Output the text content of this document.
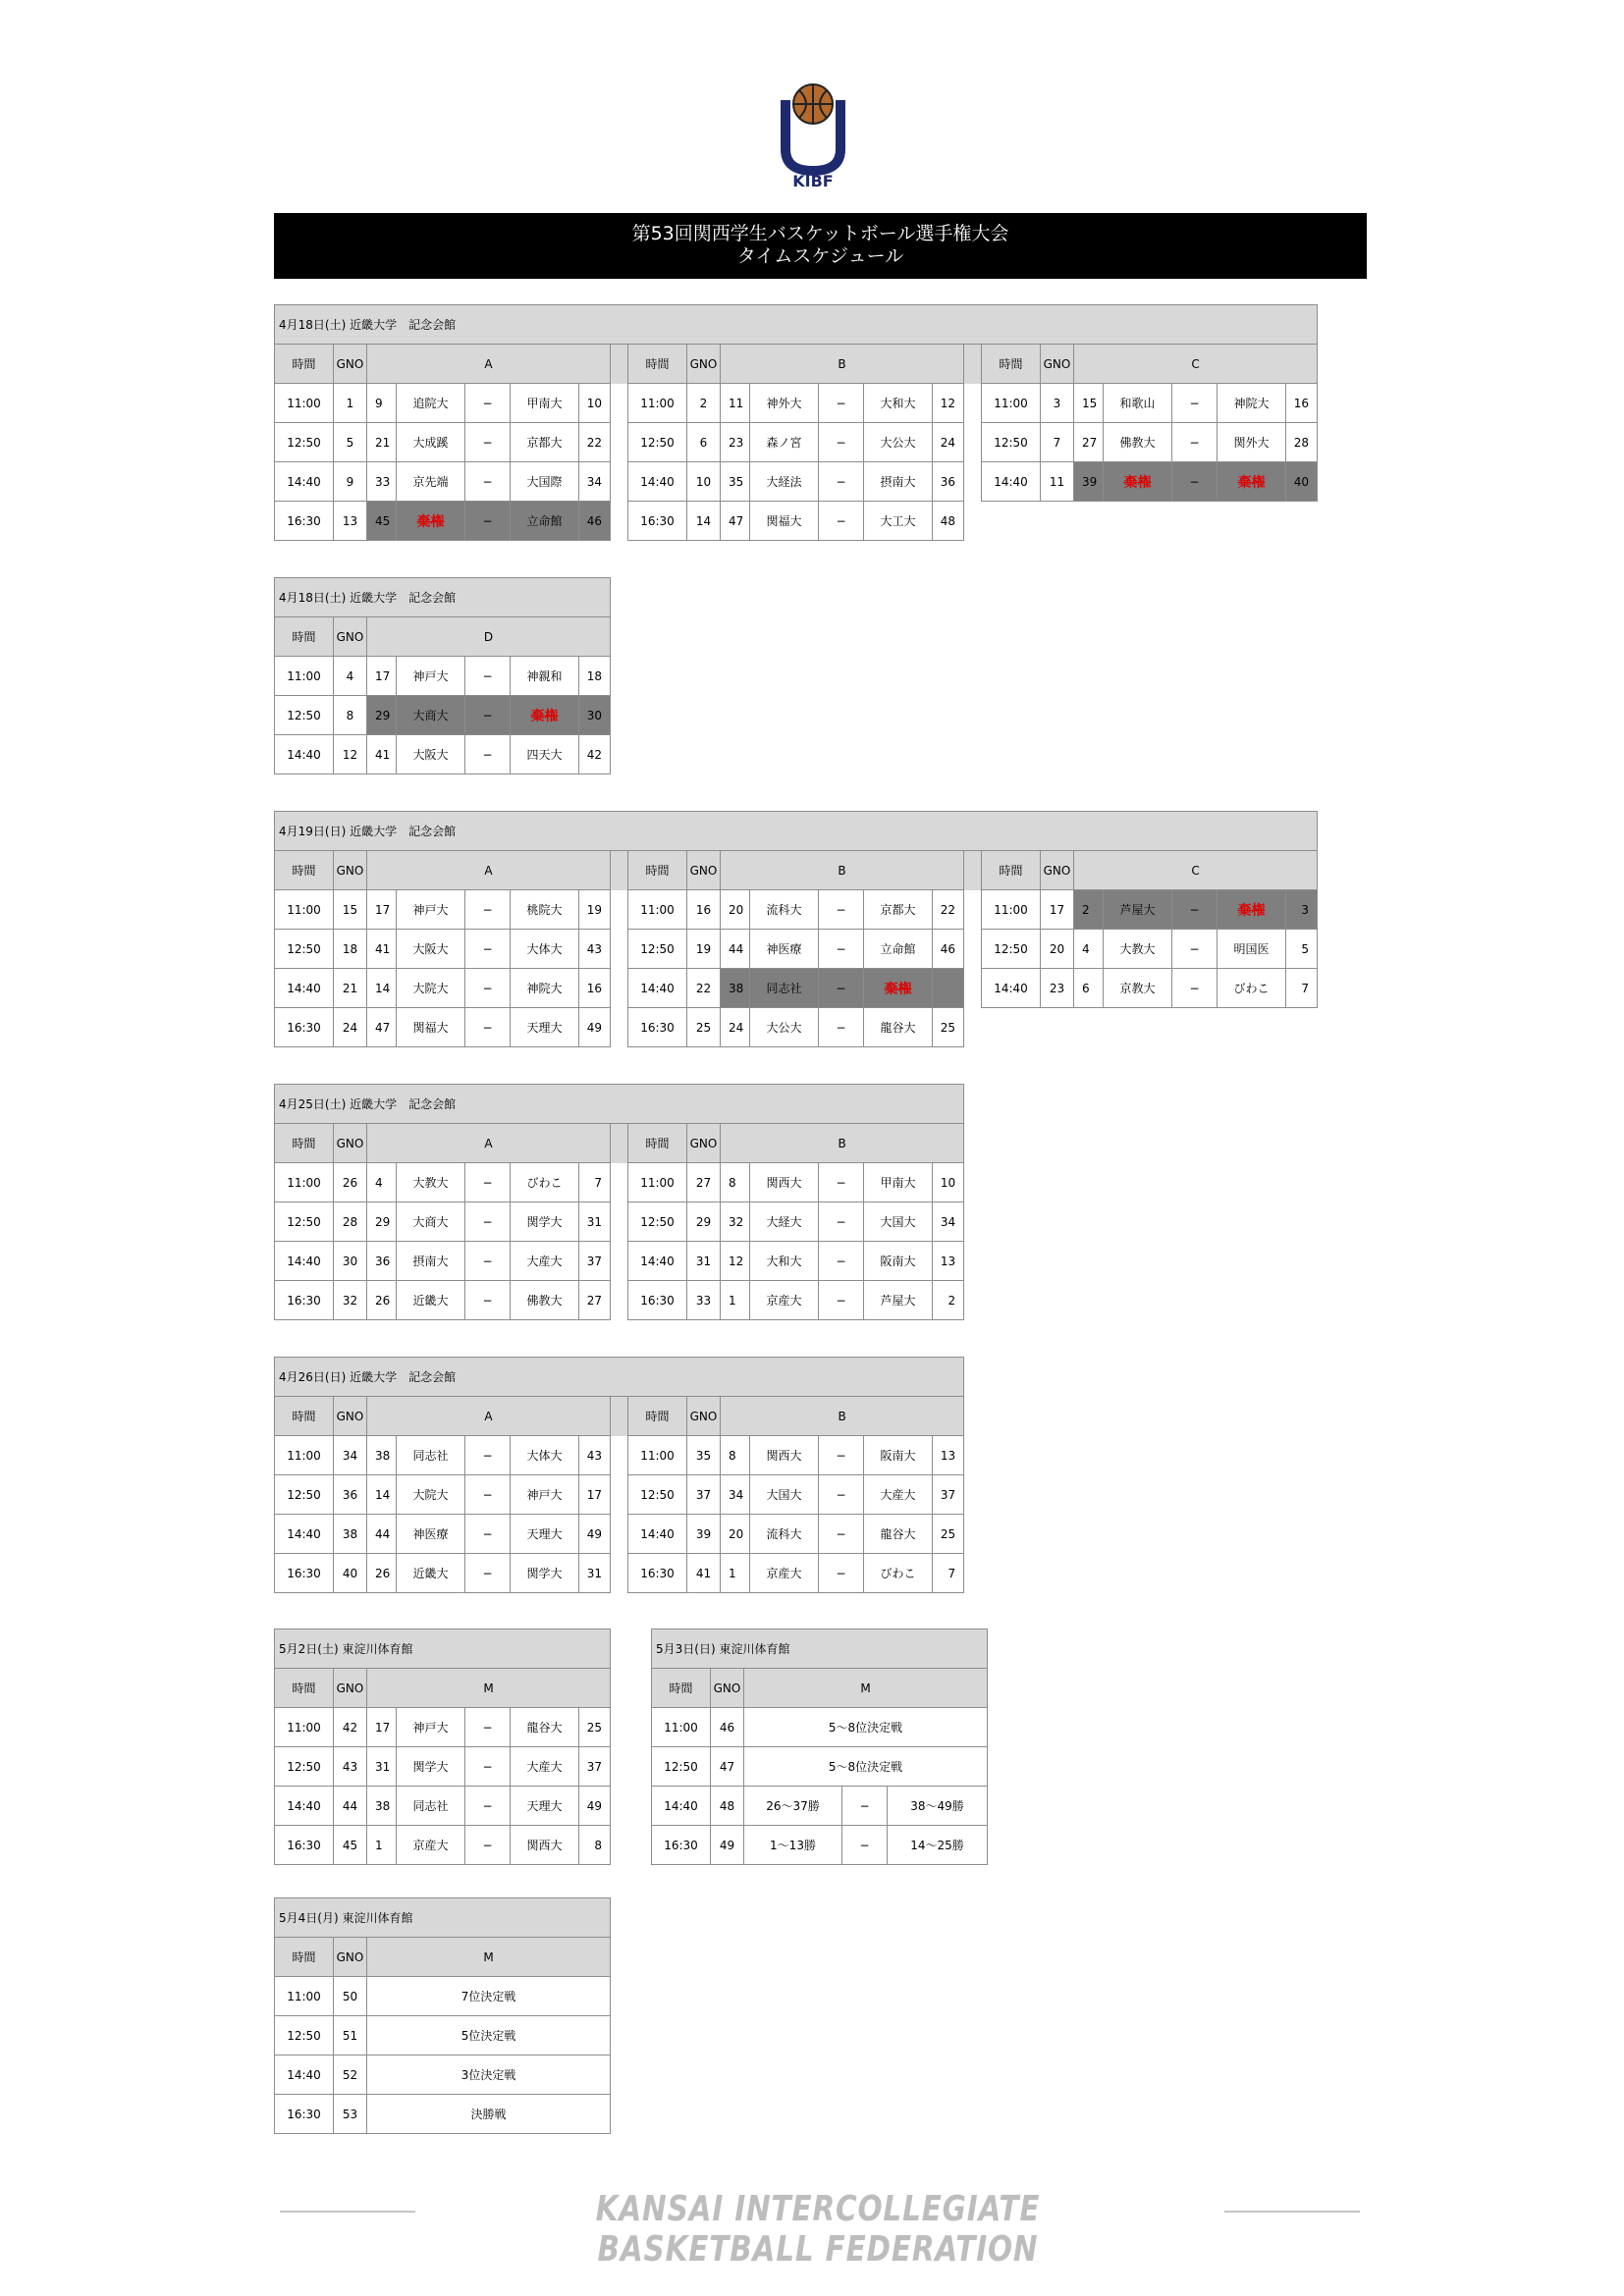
KIBF
第53回関西学生バスケットボール選手権大会
タイムスケジュール
4月18日(土) 近畿大学　記念会館																						
時間	GNO	A						時間	GNO	B						時間	GNO	C				
11:00	1	9	追院大	−	甲南大	10		11:00	2	11	神外大	−	大和大	12		11:00	3	15	和歌山	−	神院大	16
12:50	5	21	大成蹊	−	京都大	22		12:50	6	23	森ノ宮	−	大公大	24		12:50	7	27	佛教大	−	関外大	28
14:40	9	33	京先端	−	大国際	34		14:40	10	35	大経法	−	摂南大	36		14:40	11	39	棄権	−	棄権	40
16:30	13	45	棄権	−	立命館	46		16:30	14	47	関福大	−	大工大	48								
4月18日(土) 近畿大学　記念会館						
時間	GNO	D				
11:00	4	17	神戸大	−	神親和	18
12:50	8	29	大商大	−	棄権	30
14:40	12	41	大阪大	−	四天大	42
4月19日(日) 近畿大学　記念会館																						
時間	GNO	A						時間	GNO	B						時間	GNO	C				
11:00	15	17	神戸大	−	桃院大	19		11:00	16	20	流科大	−	京都大	22		11:00	17	2	芦屋大	−	棄権	3
12:50	18	41	大阪大	−	大体大	43		12:50	19	44	神医療	−	立命館	46		12:50	20	4	大教大	−	明国医	5
14:40	21	14	大院大	−	神院大	16		14:40	22	38	同志社	−	棄権			14:40	23	6	京教大	−	びわこ	7
16:30	24	47	関福大	−	天理大	49		16:30	25	24	大公大	−	龍谷大	25								
4月25日(土) 近畿大学　記念会館														
時間	GNO	A						時間	GNO	B				
11:00	26	4	大教大	−	びわこ	7		11:00	27	8	関西大	−	甲南大	10
12:50	28	29	大商大	−	関学大	31		12:50	29	32	大経大	−	大国大	34
14:40	30	36	摂南大	−	大産大	37		14:40	31	12	大和大	−	阪南大	13
16:30	32	26	近畿大	−	佛教大	27		16:30	33	1	京産大	−	芦屋大	2
4月26日(日) 近畿大学　記念会館														
時間	GNO	A						時間	GNO	B				
11:00	34	38	同志社	−	大体大	43		11:00	35	8	関西大	−	阪南大	13
12:50	36	14	大院大	−	神戸大	17		12:50	37	34	大国大	−	大産大	37
14:40	38	44	神医療	−	天理大	49		14:40	39	20	流科大	−	龍谷大	25
16:30	40	26	近畿大	−	関学大	31		16:30	41	1	京産大	−	びわこ	7
5月2日(土) 東淀川体育館						
時間	GNO	M				
11:00	42	17	神戸大	−	龍谷大	25
12:50	43	31	関学大	−	大産大	37
14:40	44	38	同志社	−	天理大	49
16:30	45	1	京産大	−	関西大	8
5月3日(日) 東淀川体育館				
時間	GNO	M		
11:00	46	5～8位決定戦		
12:50	47	5～8位決定戦		
14:40	48	26～37勝	−	38～49勝
16:30	49	1～13勝	−	14～25勝
5月4日(月) 東淀川体育館		
時間	GNO	M
11:00	50	7位決定戦
12:50	51	5位決定戦
14:40	52	3位決定戦
16:30	53	決勝戦
KANSAI INTERCOLLEGIATE BASKETBALL FEDERATION
